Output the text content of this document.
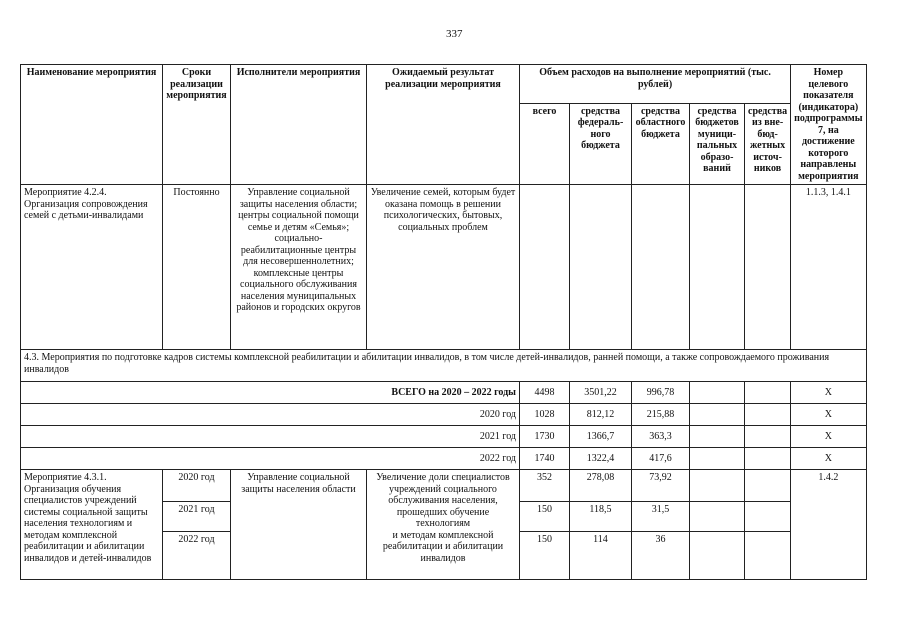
337
Наименование мероприятия	Сроки реализации мероприятия	Исполнители мероприятия	Ожидаемый результат реализации мероприятия	Объем расходов на выполнение мероприятий (тыс. рублей)					Номер целевого показателя (индикатора) подпрограммы 7, на достижение которого направлены мероприятия
				всего	средства федераль-ного бюджета	средства областного бюджета	средства бюджетов муници-пальных образо-ваний	средства из вне-бюд-жетных источ-ников	
Мероприятие 4.2.4. Организация сопровождения семей с детьми-инвалидами	Постоянно	Управление социальной защиты населения области; центры социальной помощи семье и детям «Семья»; социально-реабилитационные центры для несовершеннолетних; комплексные центры социального обслуживания населения муниципальных районов и городских округов	Увеличение семей, которым будет оказана помощь в решении психологических, бытовых, социальных проблем						1.1.3, 1.4.1
4.3. Мероприятия по подготовке кадров системы комплексной реабилитации и абилитации инвалидов, в том числе детей-инвалидов, ранней помощи, а также сопровождаемого проживания инвалидов									
ВСЕГО на 2020 – 2022 годы				4498	3501,22	996,78			Х
2020 год				1028	812,12	215,88			Х
2021 год				1730	1366,7	363,3			Х
2022 год				1740	1322,4	417,6			Х
Мероприятие 4.3.1. Организация обучения специалистов учреждений системы социальной защиты населения технологиям и методам комплексной реабилитации и абилитации инвалидов и детей-инвалидов	2020 год	Управление социальной защиты населения области	Увеличение доли специалистов учреждений социального обслуживания населения, прошедших обучение технологиям
и методам комплексной реабилитации и абилитации инвалидов	352	278,08	73,92			1.4.2
	2021 год			150	118,5	31,5			
	2022 год			150	114	36			
